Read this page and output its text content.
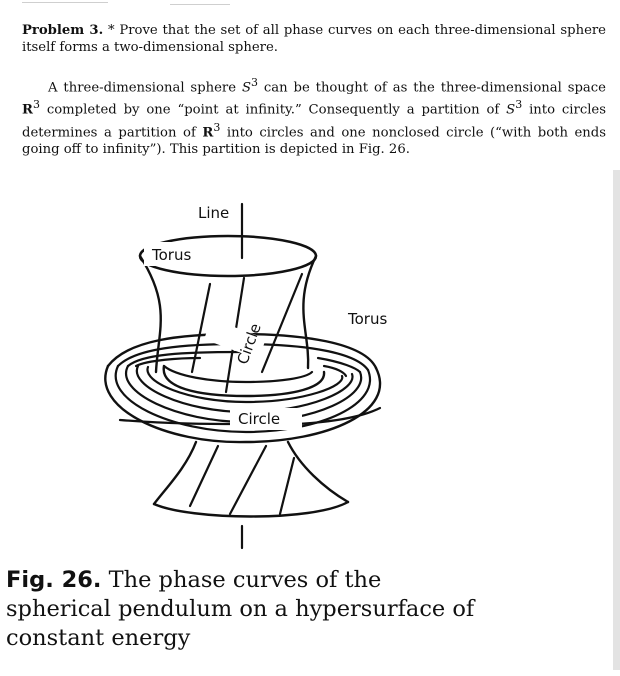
Problem 3. * Prove that the set of all phase curves on each three-dimensional sphere itself forms a two-dimensional sphere.

A three-dimensional sphere $S^3$ can be thought of as the three-dimensional space $R^3$ completed by one “point at infinity.” Consequently a partition of $S^3$ into circles determines a partition of $R^3$ into circles and one nonclosed circle (“with both ends going off to infinity”). This partition is depicted in Fig. 26.

Line
Torus
Torus
Circle
Circle

Fig. 26. The phase curves of the spherical pendulum on a hypersurface of constant energy
